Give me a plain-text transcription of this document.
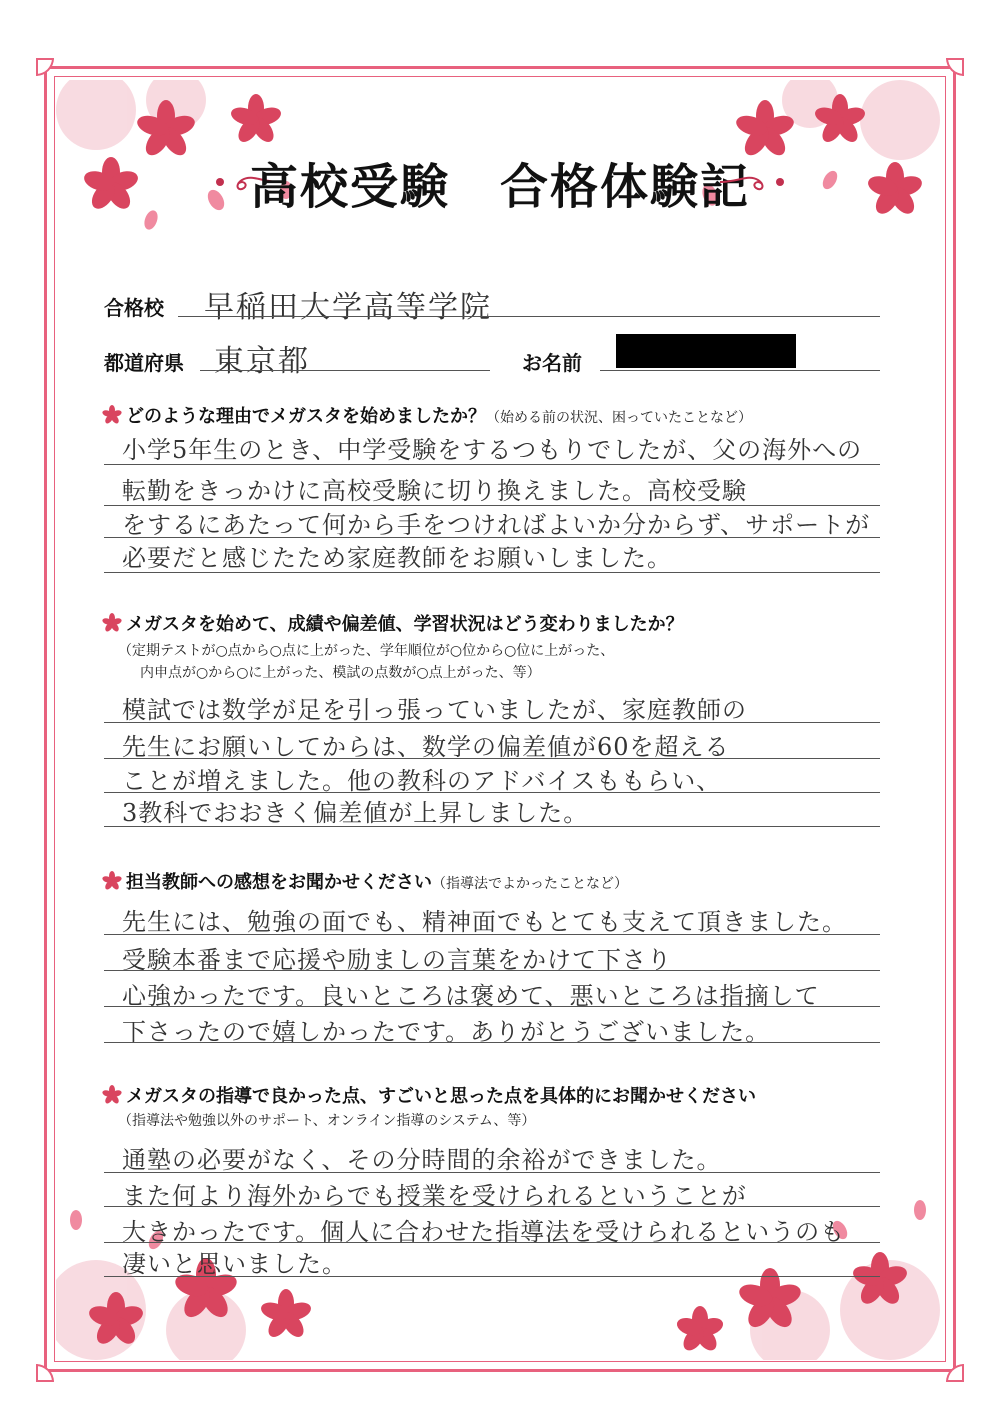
高校受験　合格体験記
合格校 早稲田大学高等学院
都道府県 東京都	お名前
どのような理由でメガスタを始めましたか？（始める前の状況、困っていたことなど）
小学5年生のとき、中学受験をするつもりでしたが、父の海外への
転勤をきっかけに高校受験に切り換えました。高校受験
をするにあたって何から手をつければよいか分からず、サポートが
必要だと感じたため家庭教師をお願いしました。
メガスタを始めて、成績や偏差値、学習状況はどう変わりましたか？
（定期テストが○点から○点に上がった、学年順位が○位から○位に上がった、
内申点が○から○に上がった、模試の点数が○点上がった、等）
模試では数学が足を引っ張っていましたが、家庭教師の
先生にお願いしてからは、数学の偏差値が60を超える
ことが増えました。他の教科のアドバイスももらい、
3教科でおおきく偏差値が上昇しました。
担当教師への感想をお聞かせください（指導法でよかったことなど）
先生には、勉強の面でも、精神面でもとても支えて頂きました。
受験本番まで応援や励ましの言葉をかけて下さり
心強かったです。良いところは褒めて、悪いところは指摘して
下さったので嬉しかったです。ありがとうございました。
メガスタの指導で良かった点、すごいと思った点を具体的にお聞かせください
（指導法や勉強以外のサポート、オンライン指導のシステム、等）
通塾の必要がなく、その分時間的余裕ができました。
また何より海外からでも授業を受けられるということが
大きかったです。個人に合わせた指導法を受けられるというのも
凄いと思いました。
